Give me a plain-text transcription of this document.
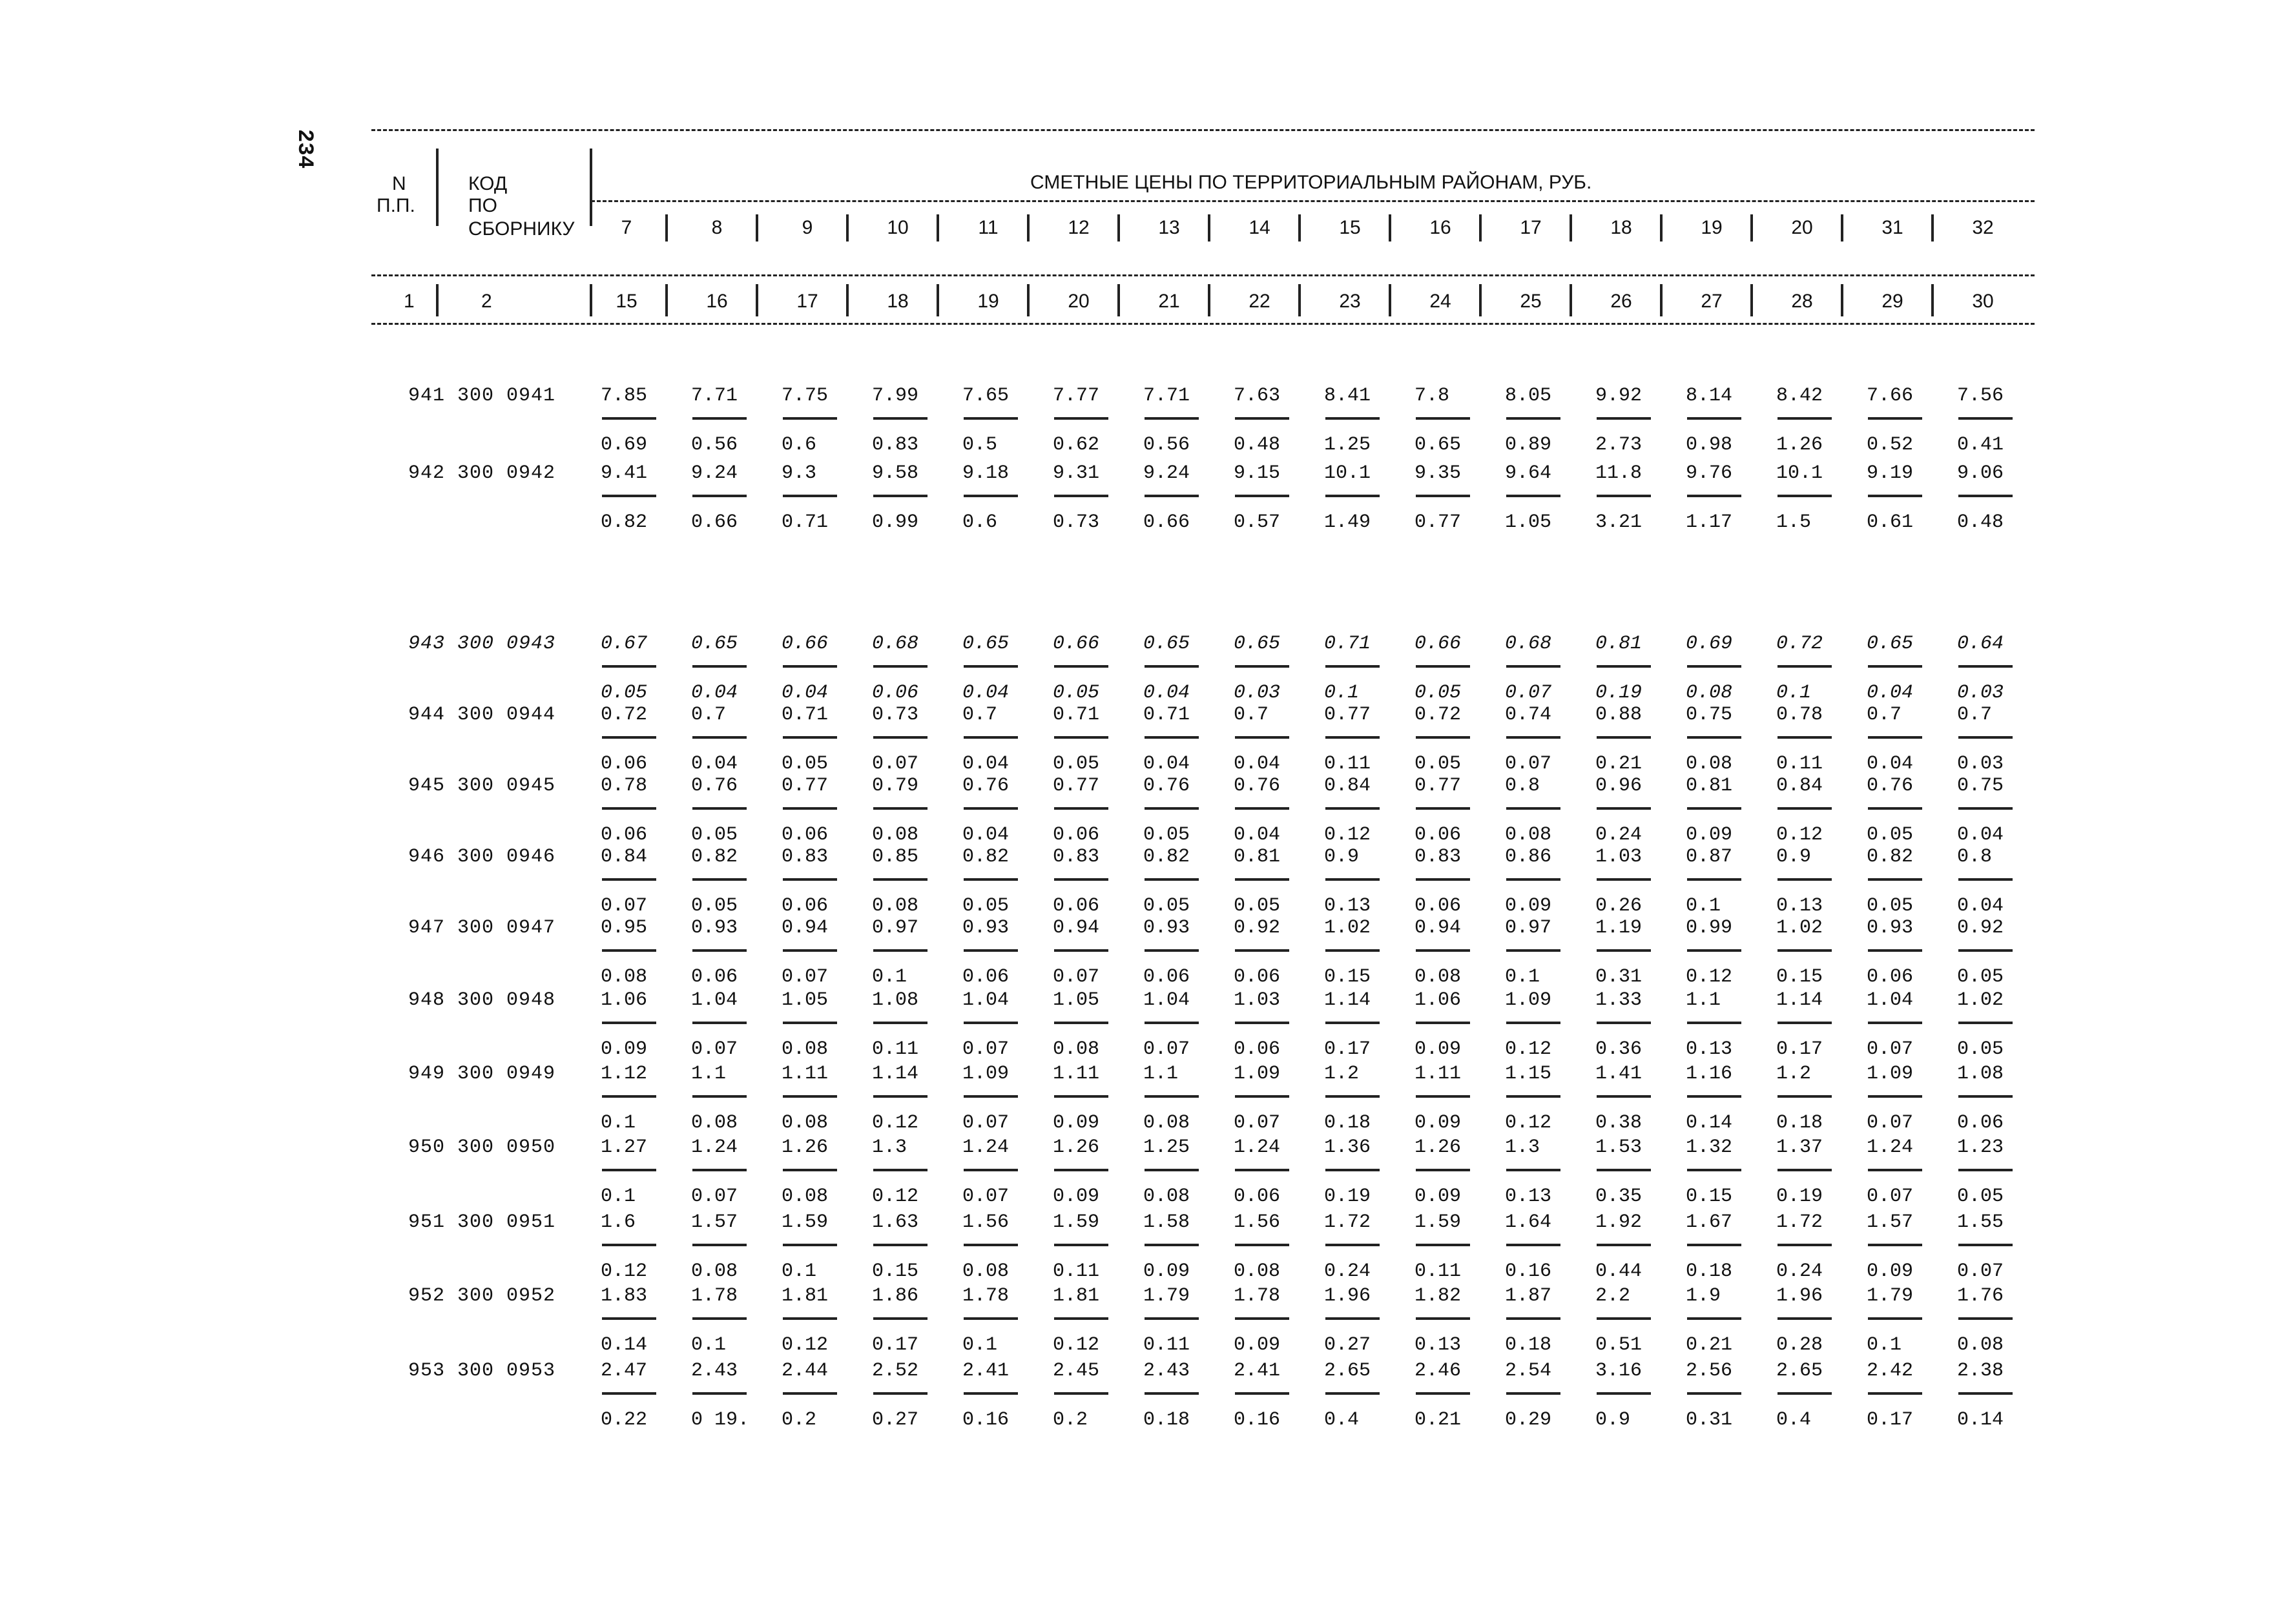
234
N
П.П.
КОД
ПО
СБОРНИКУ
СМЕТНЫЕ ЦЕНЫ ПО ТЕРРИТОРИАЛЬНЫМ РАЙОНАМ, РУБ.
1	2
7
15
8
16
9
17
10
18
11
19
12
20
13
21
14
22
15
23
16
24
17
25
18
26
19
27
20
28
31
29
32
30
941 300 0941 7.85
0.69
7.71
0.56
7.75
0.6
7.99
0.83
7.65
0.5
7.77
0.62
7.71
0.56
7.63
0.48
8.41
1.25
7.8
0.65
8.05
0.89
9.92
2.73
8.14
0.98
8.42
1.26
7.66
0.52
7.56
0.41
942 300 0942 9.41
0.82
9.24
0.66
9.3
0.71
9.58
0.99
9.18
0.6
9.31
0.73
9.24
0.66
9.15
0.57
10.1
1.49
9.35
0.77
9.64
1.05
11.8
3.21
9.76
1.17
10.1
1.5
9.19
0.61
9.06
0.48
943 300 0943 0.67
0.05
0.65
0.04
0.66
0.04
0.68
0.06
0.65
0.04
0.66
0.05
0.65
0.04
0.65
0.03
0.71
0.1
0.66
0.05
0.68
0.07
0.81
0.19
0.69
0.08
0.72
0.1
0.65
0.04
0.64
0.03
944 300 0944 0.72
0.06
0.7
0.04
0.71
0.05
0.73
0.07
0.7
0.04
0.71
0.05
0.71
0.04
0.7
0.04
0.77
0.11
0.72
0.05
0.74
0.07
0.88
0.21
0.75
0.08
0.78
0.11
0.7
0.04
0.7
0.03
945 300 0945 0.78
0.06
0.76
0.05
0.77
0.06
0.79
0.08
0.76
0.04
0.77
0.06
0.76
0.05
0.76
0.04
0.84
0.12
0.77
0.06
0.8
0.08
0.96
0.24
0.81
0.09
0.84
0.12
0.76
0.05
0.75
0.04
946 300 0946 0.84
0.07
0.82
0.05
0.83
0.06
0.85
0.08
0.82
0.05
0.83
0.06
0.82
0.05
0.81
0.05
0.9
0.13
0.83
0.06
0.86
0.09
1.03
0.26
0.87
0.1
0.9
0.13
0.82
0.05
0.8
0.04
947 300 0947 0.95
0.08
0.93
0.06
0.94
0.07
0.97
0.1
0.93
0.06
0.94
0.07
0.93
0.06
0.92
0.06
1.02
0.15
0.94
0.08
0.97
0.1
1.19
0.31
0.99
0.12
1.02
0.15
0.93
0.06
0.92
0.05
948 300 0948 1.06
0.09
1.04
0.07
1.05
0.08
1.08
0.11
1.04
0.07
1.05
0.08
1.04
0.07
1.03
0.06
1.14
0.17
1.06
0.09
1.09
0.12
1.33
0.36
1.1
0.13
1.14
0.17
1.04
0.07
1.02
0.05
949 300 0949 1.12
0.1
1.1
0.08
1.11
0.08
1.14
0.12
1.09
0.07
1.11
0.09
1.1
0.08
1.09
0.07
1.2
0.18
1.11
0.09
1.15
0.12
1.41
0.38
1.16
0.14
1.2
0.18
1.09
0.07
1.08
0.06
950 300 0950 1.27
0.1
1.24
0.07
1.26
0.08
1.3
0.12
1.24
0.07
1.26
0.09
1.25
0.08
1.24
0.06
1.36
0.19
1.26
0.09
1.3
0.13
1.53
0.35
1.32
0.15
1.37
0.19
1.24
0.07
1.23
0.05
951 300 0951 1.6
0.12
1.57
0.08
1.59
0.1
1.63
0.15
1.56
0.08
1.59
0.11
1.58
0.09
1.56
0.08
1.72
0.24
1.59
0.11
1.64
0.16
1.92
0.44
1.67
0.18
1.72
0.24
1.57
0.09
1.55
0.07
952 300 0952 1.83
0.14
1.78
0.1
1.81
0.12
1.86
0.17
1.78
0.1
1.81
0.12
1.79
0.11
1.78
0.09
1.96
0.27
1.82
0.13
1.87
0.18
2.2
0.51
1.9
0.21
1.96
0.28
1.79
0.1
1.76
0.08
953 300 0953 2.47
0.22
2.43
0 19.
2.44
0.2
2.52
0.27
2.41
0.16
2.45
0.2
2.43
0.18
2.41
0.16
2.65
0.4
2.46
0.21
2.54
0.29
3.16
0.9
2.56
0.31
2.65
0.4
2.42
0.17
2.38
0.14
